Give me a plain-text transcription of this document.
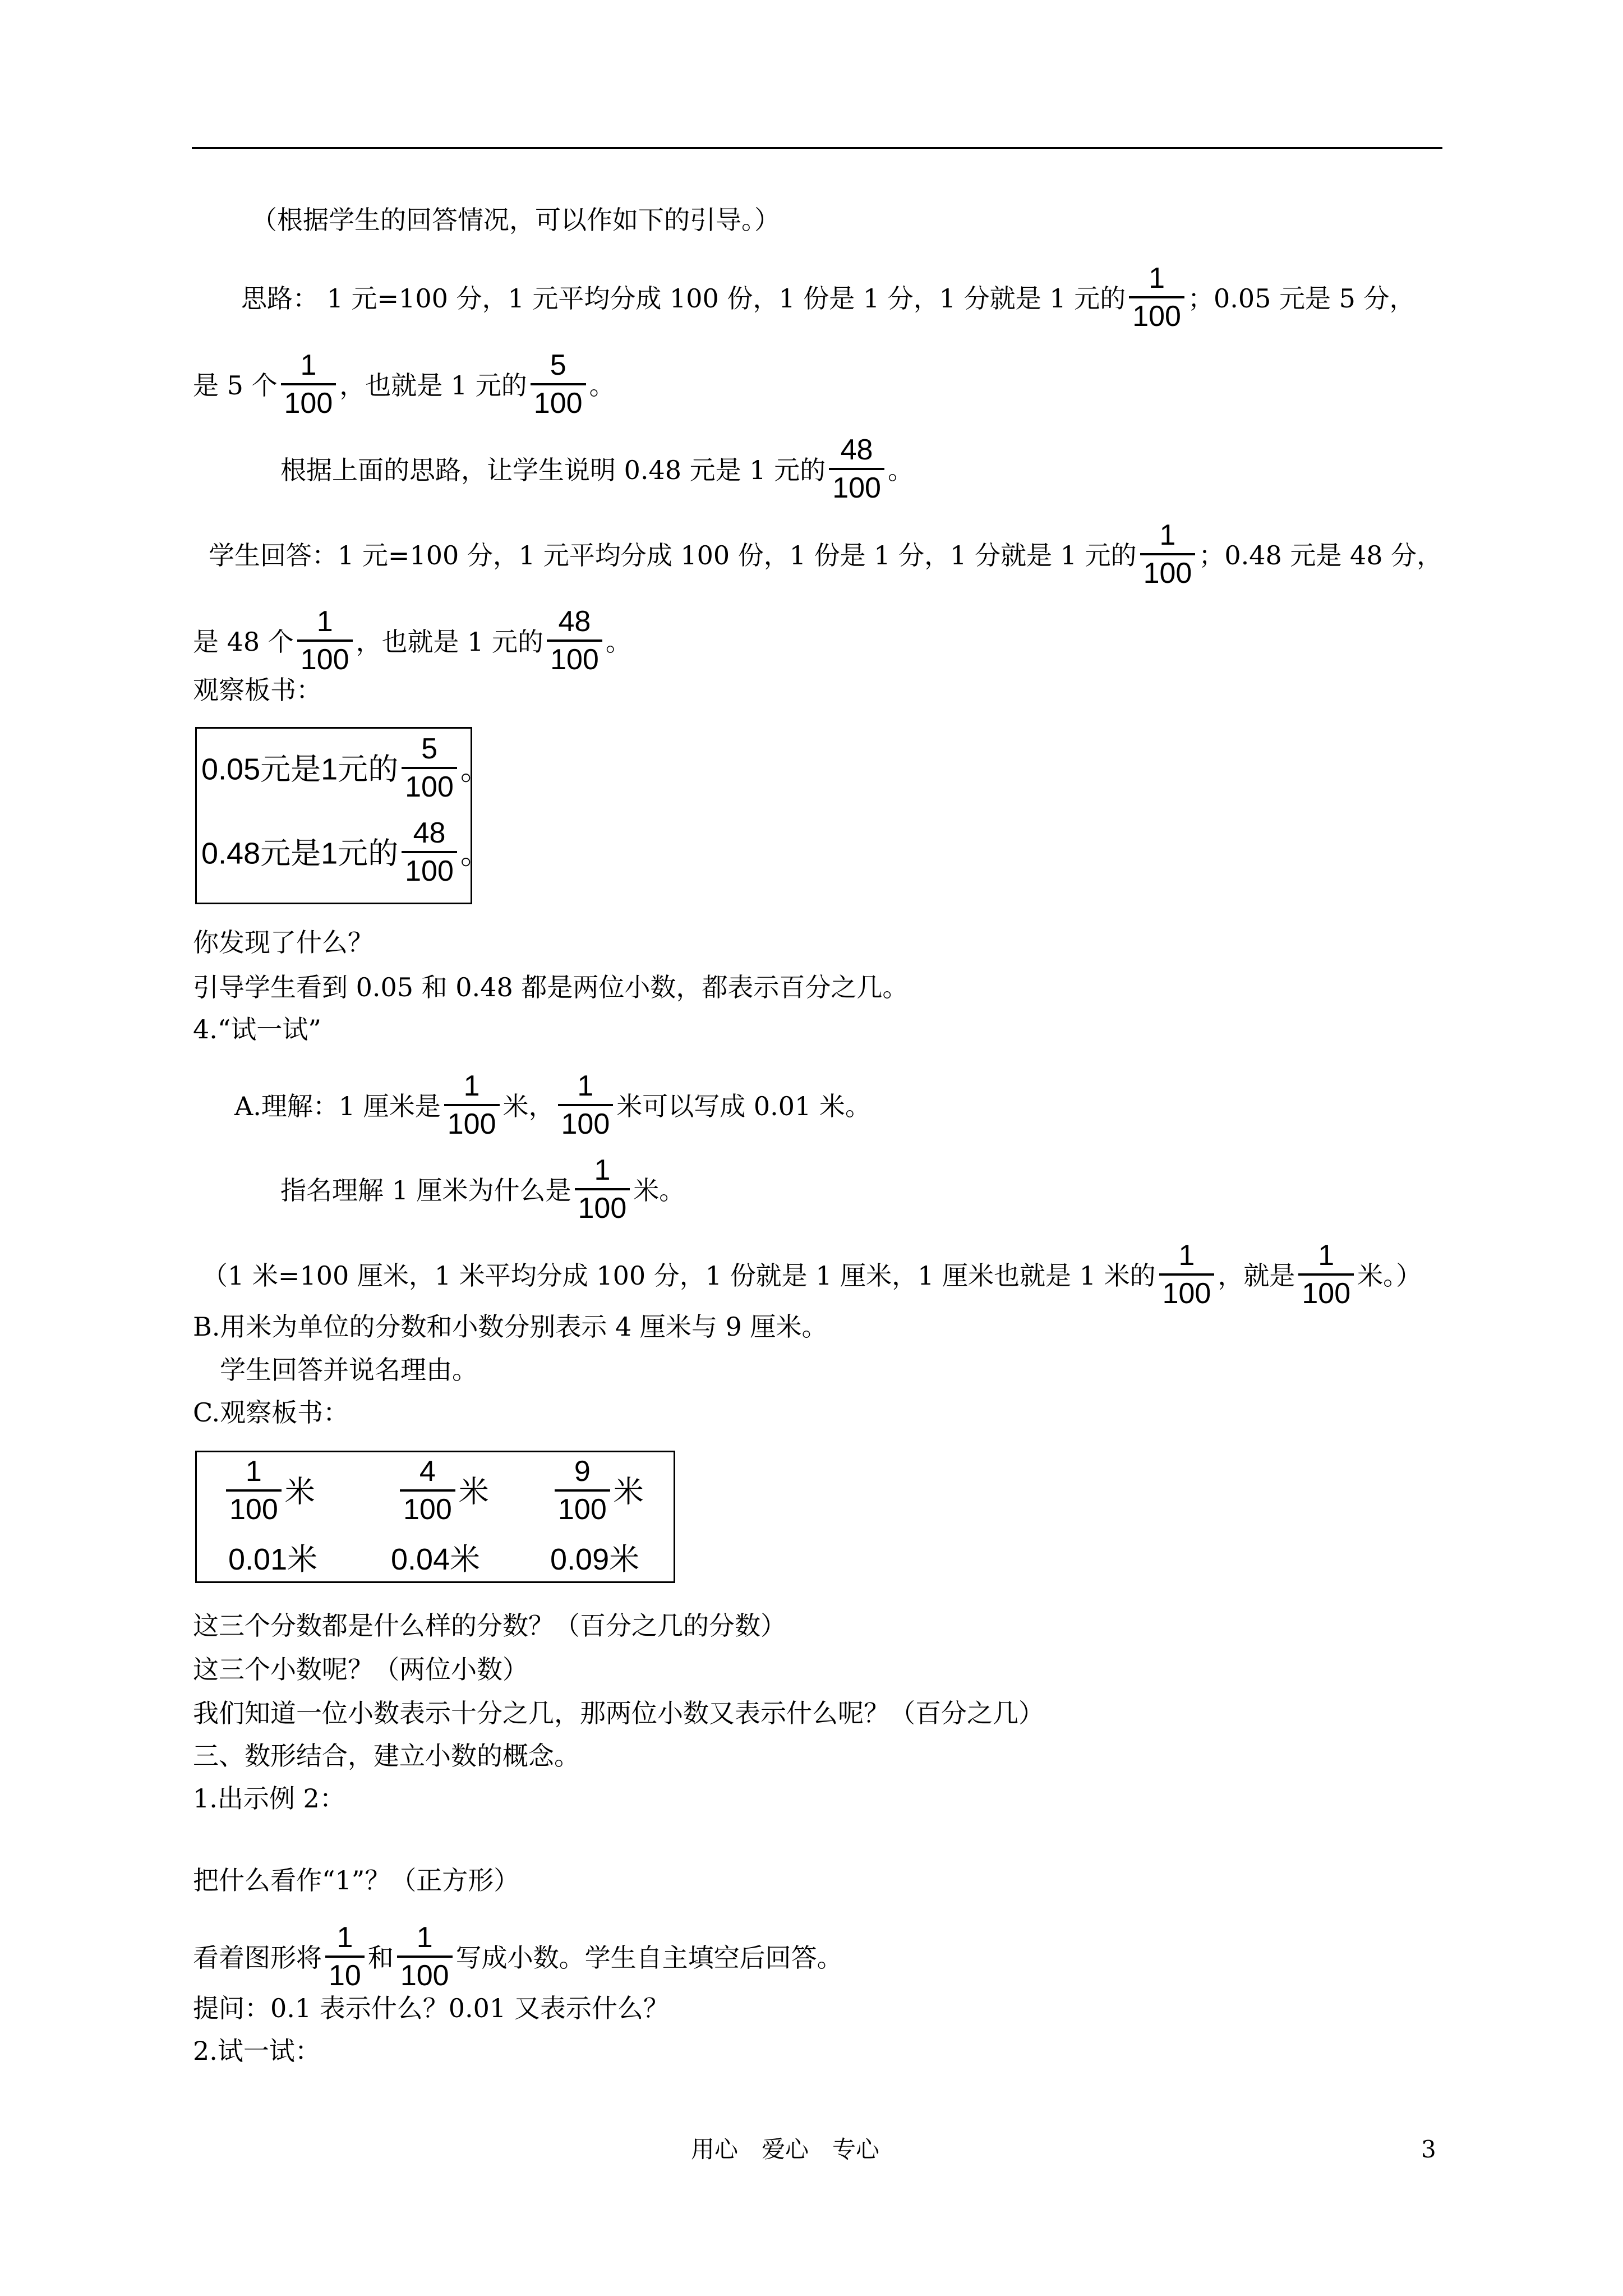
（根据学生的回答情况，可以作如下的引导。）
思路： 1 元=100 分，1 元平均分成 100 份，1 份是 1 分，1 分就是 1 元的 $\frac{1}{100}$ ；0.05 元是 5 分，
是 5 个 $\frac{1}{100}$ ，也就是 1 元的 $\frac{5}{100}$ 。
根据上面的思路，让学生说明 0.48 元是 1 元的 $\frac{48}{100}$ 。
学生回答：1 元=100 分，1 元平均分成 100 份，1 份是 1 分，1 分就是 1 元的 $\frac{1}{100}$ ；0.48 元是 48 分，
是 48 个 $\frac{1}{100}$ ，也就是 1 元的 $\frac{48}{100}$ 。
观察板书：
0.05元是1元的 $\frac{5}{100}$ 。
0.48元是1元的 $\frac{48}{100}$ 。
你发现了什么？
引导学生看到 0.05 和 0.48 都是两位小数，都表示百分之几。
4.“试一试”
A.理解：1 厘米是 $\frac{1}{100}$ 米， $\frac{1}{100}$ 米可以写成 0.01 米。
指名理解 1 厘米为什么是 $\frac{1}{100}$ 米。
（1 米=100 厘米，1 米平均分成 100 分，1 份就是 1 厘米，1 厘米也就是 1 米的 $\frac{1}{100}$ ，就是 $\frac{1}{100}$ 米。）
B.用米为单位的分数和小数分别表示 4 厘米与 9 厘米。
学生回答并说名理由。
C.观察板书：
$\frac{1}{100}$ 米	$\frac{4}{100}$ 米 $\frac{9}{100}$ 米
0.01米 0.04米 0.09米
这三个分数都是什么样的分数？（百分之几的分数）
这三个小数呢？（两位小数）
我们知道一位小数表示十分之几，那两位小数又表示什么呢？（百分之几）
三、数形结合，建立小数的概念。
1.出示例 2：
把什么看作“1”？（正方形）
看着图形将 $\frac{1}{10}$ 和 $\frac{1}{100}$ 写成小数。学生自主填空后回答。
提问：0.1 表示什么？0.01 又表示什么？
2.试一试：
用心　爱心　专心	3
